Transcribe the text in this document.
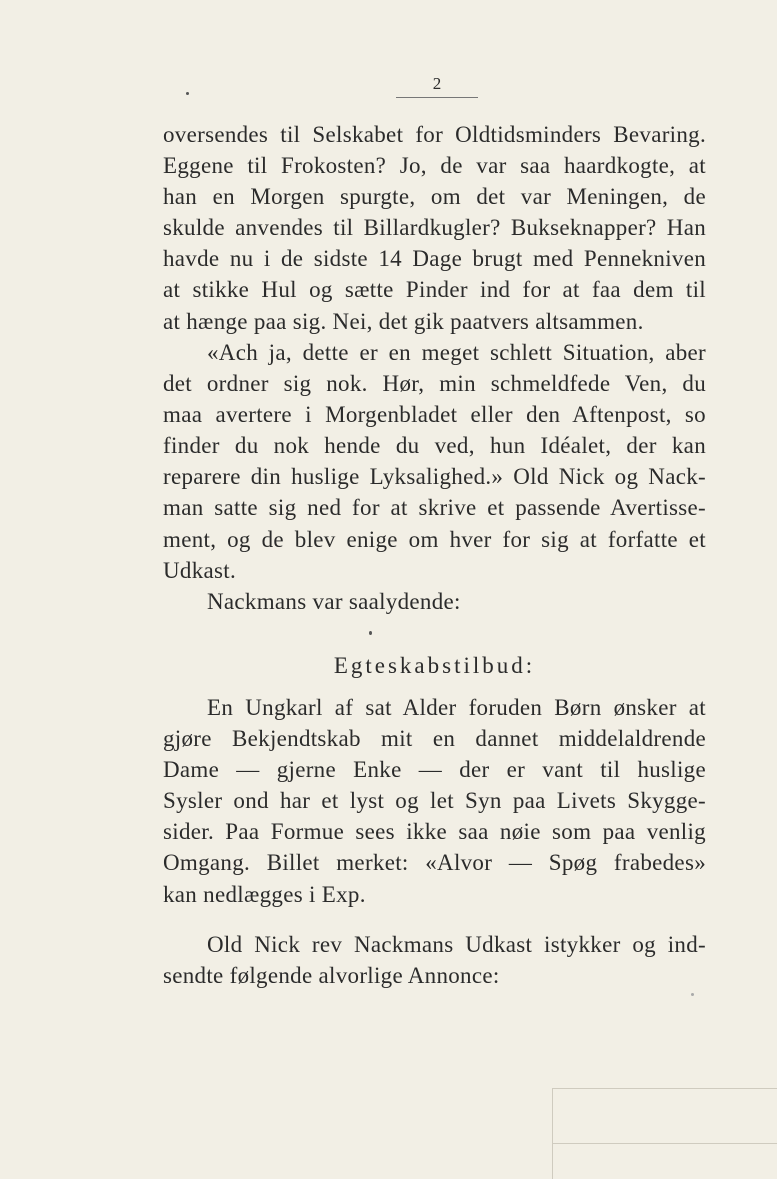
2
oversendes til Selskabet for Oldtidsminders Bevaring.
Eggene til Frokosten? Jo, de var saa haardkogte, at
han en Morgen spurgte, om det var Meningen, de
skulde anvendes til Billardkugler? Bukseknapper? Han
havde nu i de sidste 14 Dage brugt med Pennekniven
at stikke Hul og sætte Pinder ind for at faa dem til
at hænge paa sig. Nei, det gik paatvers altsammen.
«Ach ja, dette er en meget schlett Situation, aber
det ordner sig nok. Hør, min schmeldfede Ven, du
maa avertere i Morgenbladet eller den Aftenpost, so
finder du nok hende du ved, hun Idéalet, der kan
reparere din huslige Lyksalighed.» Old Nick og Nack-
man satte sig ned for at skrive et passende Avertisse-
ment, og de blev enige om hver for sig at forfatte et
Udkast.
Nackmans var saalydende:
Egteskabstilbud:
En Ungkarl af sat Alder foruden Børn ønsker at
gjøre Bekjendtskab mit en dannet middelaldrende
Dame — gjerne Enke — der er vant til huslige
Sysler ond har et lyst og let Syn paa Livets Skygge-
sider. Paa Formue sees ikke saa nøie som paa venlig
Omgang. Billet merket: «Alvor — Spøg frabedes»
kan nedlægges i Exp.
Old Nick rev Nackmans Udkast istykker og ind-
sendte følgende alvorlige Annonce:
